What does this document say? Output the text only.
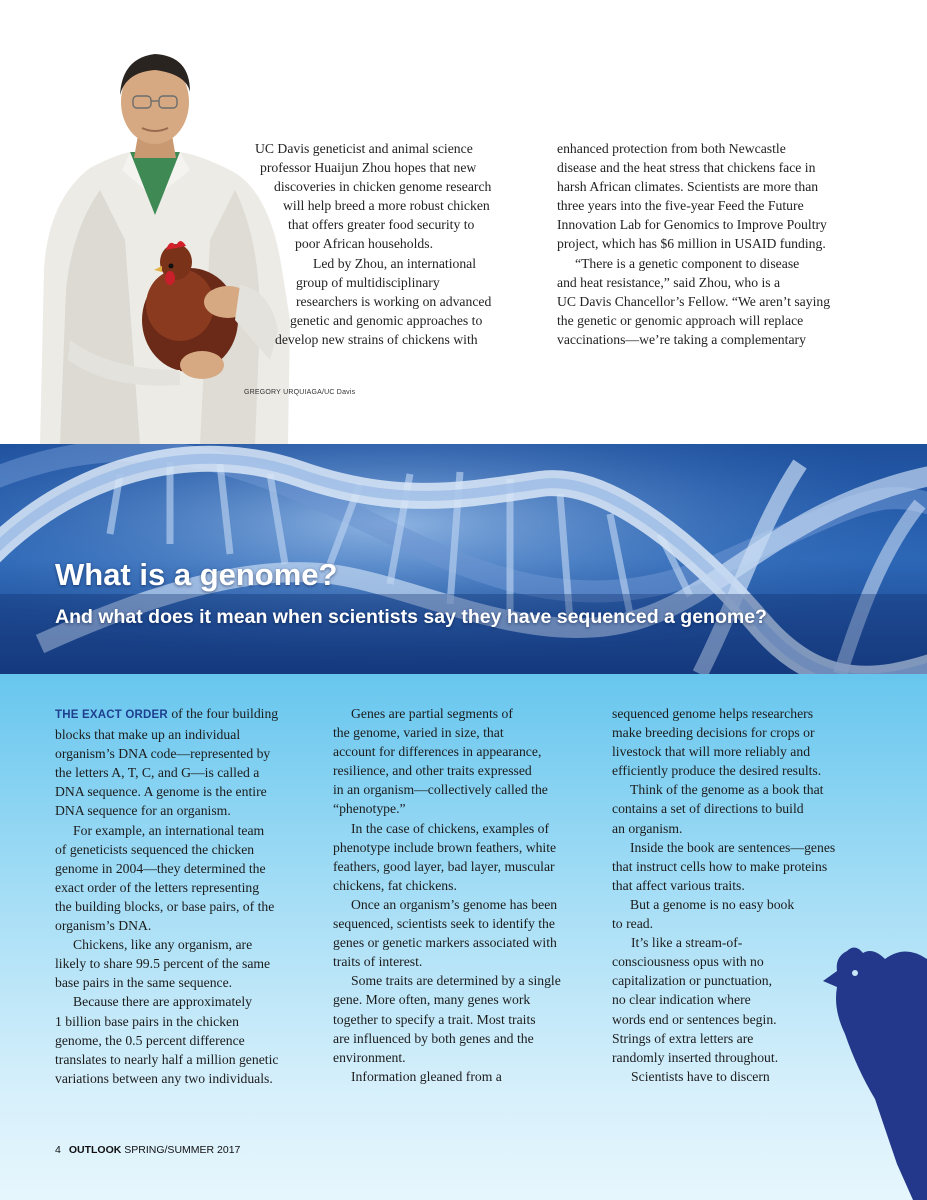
GREGORY URQUIAGA/UC Davis
UC Davis geneticist and animal science
professor Huaijun Zhou hopes that new
discoveries in chicken genome research
will help breed a more robust chicken
that offers greater food security to
poor African households.
Led by Zhou, an international
group of multidisciplinary
researchers is working on advanced
genetic and genomic approaches to
develop new strains of chickens with
enhanced protection from both Newcastle
disease and the heat stress that chickens face in
harsh African climates. Scientists are more than
three years into the five-year Feed the Future
Innovation Lab for Genomics to Improve Poultry
project, which has $6 million in USAID funding.
“There is a genetic component to disease
and heat resistance,” said Zhou, who is a
UC Davis Chancellor’s Fellow. “We aren’t saying
the genetic or genomic approach will replace
vaccinations—we’re taking a complementary
What is a genome?
And what does it mean when scientists say they have sequenced a genome?
THE EXACT ORDER of the four building
blocks that make up an individual
organism’s DNA code—represented by
the letters A, T, C, and G—is called a
DNA sequence. A genome is the entire
DNA sequence for an organism.
For example, an international team
of geneticists sequenced the chicken
genome in 2004—they determined the
exact order of the letters representing
the building blocks, or base pairs, of the
organism’s DNA.
Chickens, like any organism, are
likely to share 99.5 percent of the same
base pairs in the same sequence.
Because there are approximately
1 billion base pairs in the chicken
genome, the 0.5 percent difference
translates to nearly half a million genetic
variations between any two individuals.
Genes are partial segments of
the genome, varied in size, that
account for differences in appearance,
resilience, and other traits expressed
in an organism—collectively called the
“phenotype.”
In the case of chickens, examples of
phenotype include brown feathers, white
feathers, good layer, bad layer, muscular
chickens, fat chickens.
Once an organism’s genome has been
sequenced, scientists seek to identify the
genes or genetic markers associated with
traits of interest.
Some traits are determined by a single
gene. More often, many genes work
together to specify a trait. Most traits
are influenced by both genes and the
environment.
Information gleaned from a
sequenced genome helps researchers
make breeding decisions for crops or
livestock that will more reliably and
efficiently produce the desired results.
Think of the genome as a book that
contains a set of directions to build
an organism.
Inside the book are sentences—genes
that instruct cells how to make proteins
that affect various traits.
But a genome is no easy book
to read.
It’s like a stream-of-
consciousness opus with no
capitalization or punctuation,
no clear indication where
words end or sentences begin.
Strings of extra letters are
randomly inserted throughout.
Scientists have to discern
4 OUTLOOK SPRING/SUMMER 2017
